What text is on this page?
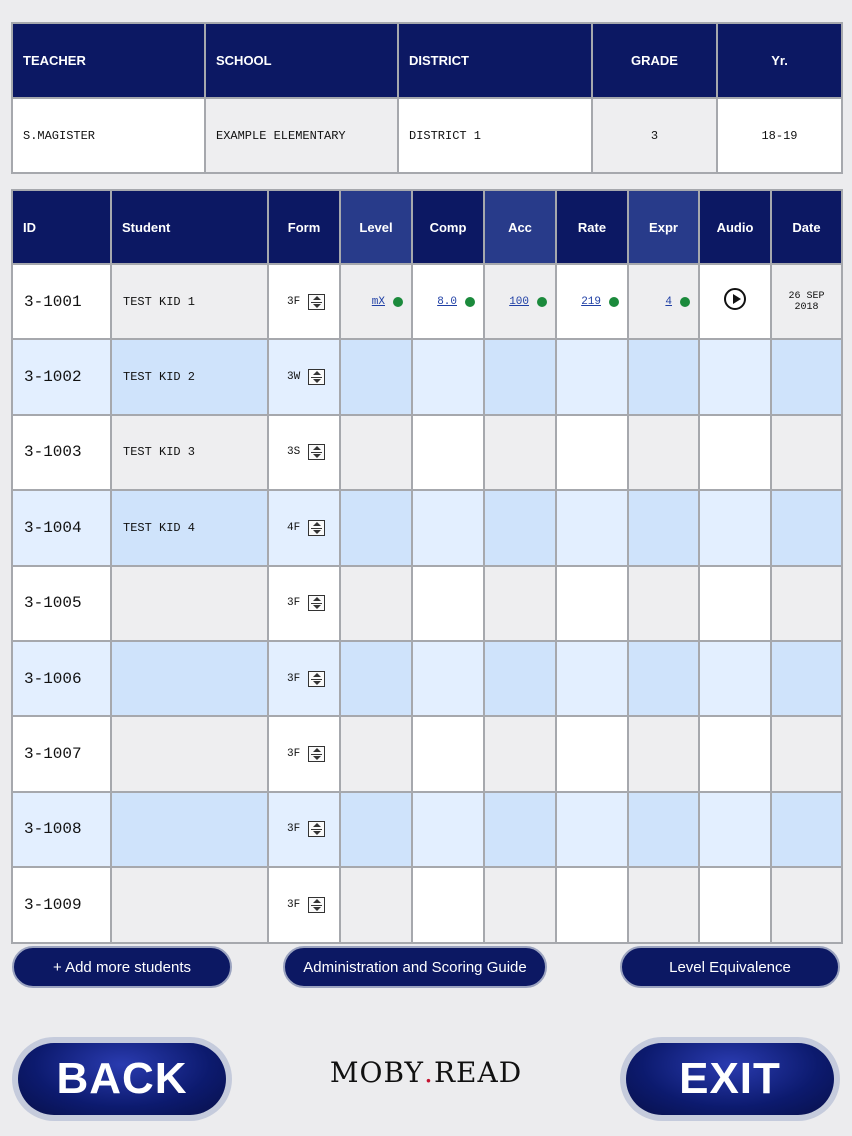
TEACHER	SCHOOL	DISTRICT	GRADE	Yr.
S.MAGISTER	EXAMPLE ELEMENTARY	DISTRICT 1	3	18-19
ID	Student	Form	Level	Comp	Acc	Rate	Expr	Audio	Date
3-1001	TEST KID 1	3F	mX	8.0	100	219	4		26 SEP
2018

3-1002	TEST KID 2	3W							

3-1003	TEST KID 3	3S							

3-1004	TEST KID 4	4F							

3-1005		3F							

3-1006		3F							

3-1007		3F							

3-1008		3F							

3-1009		3F							

+ Add more students	Administration and Scoring Guide	Level Equivalence
BACK	EXIT
MOBY . READ
